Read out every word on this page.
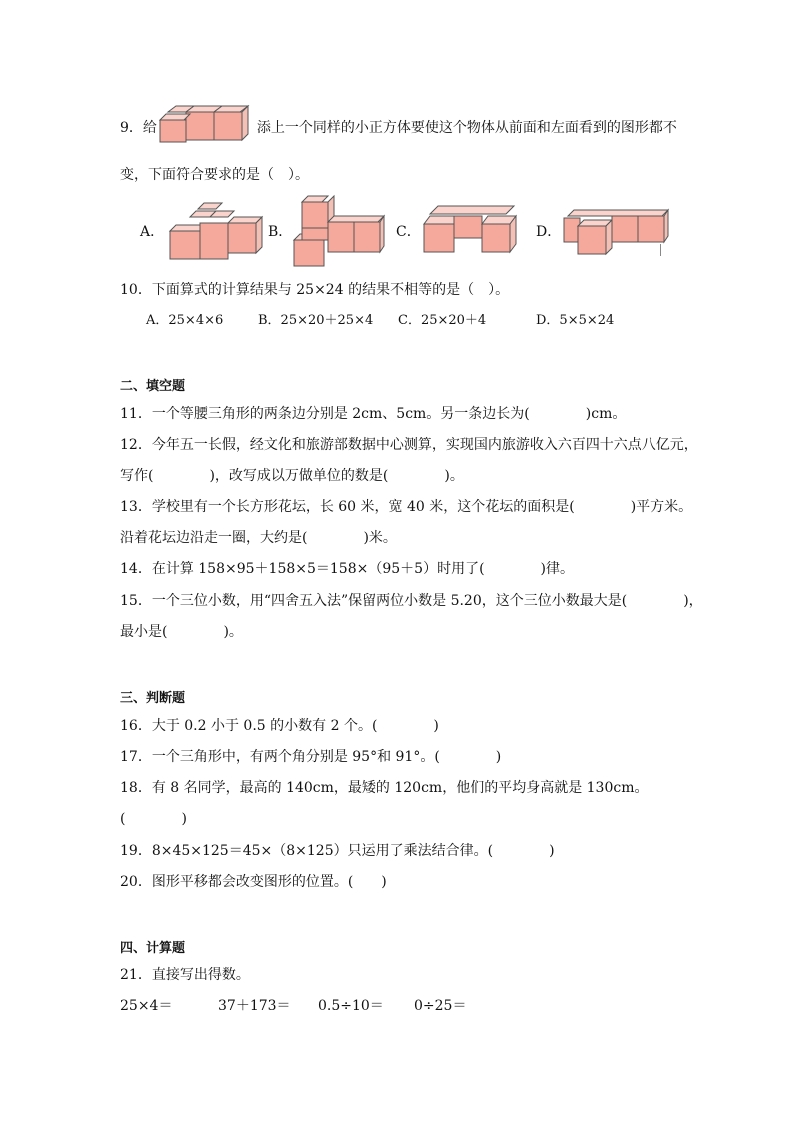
9．给	添上一个同样的小正方体要使这个物体从前面和左面看到的图形都不
变，下面符合要求的是（　）。
A．	B．	C．	D．
10．下面算式的计算结果与 25×24 的结果不相等的是（　）。
A．25×4×6	B．25×20＋25×4 C．25×20＋4	D．5×5×24
二、填空题
11．一个等腰三角形的两条边分别是 2cm、5cm。另一条边长为(　　　　)cm。
12．今年五一长假，经文化和旅游部数据中心测算，实现国内旅游收入六百四十六点八亿元，
写作(　　　　)，改写成以万做单位的数是(　　　　)。
13．学校里有一个长方形花坛，长 60 米，宽 40 米，这个花坛的面积是(　　　　)平方米。
沿着花坛边沿走一圈，大约是(　　　　)米。
14．在计算 158×95＋158×5＝158×（95＋5）时用了(　　　　)律。
15．一个三位小数，用“四舍五入法”保留两位小数是 5.20，这个三位小数最大是(　　　　)，
最小是(　　　　)。
三、判断题
16．大于 0.2 小于 0.5 的小数有 2 个。(　　　　)
17．一个三角形中，有两个角分别是 95°和 91°。(　　　　)
18．有 8 名同学，最高的 140cm，最矮的 120cm，他们的平均身高就是 130cm。
(　　　　)
19．8×45×125＝45×（8×125）只运用了乘法结合律。(　　　　)
20．图形平移都会改变图形的位置。(　　)
四、计算题
21．直接写出得数。
25×4＝	37＋173＝ 0.5÷10＝ 0÷25＝
